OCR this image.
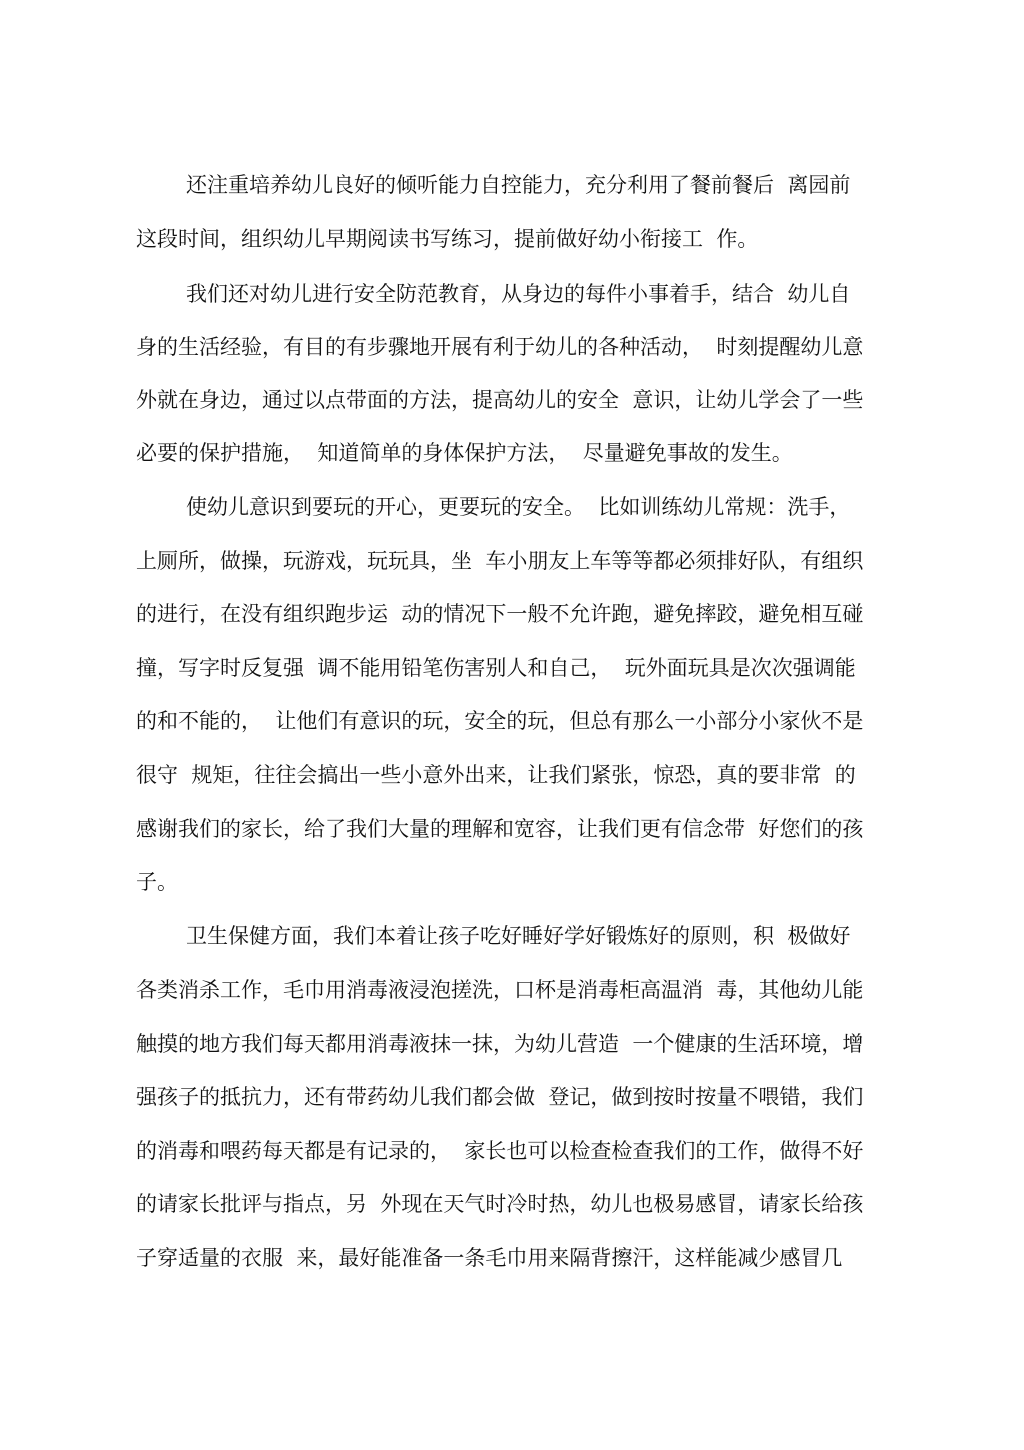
还注重培养幼儿良好的倾听能力自控能力，充分利用了餐前餐后  离园前
这段时间，组织幼儿早期阅读书写练习，提前做好幼小衔接工  作。
我们还对幼儿进行安全防范教育，从身边的每件小事着手，结合  幼儿自
身的生活经验，有目的有步骤地开展有利于幼儿的各种活动，  时刻提醒幼儿意
外就在身边，通过以点带面的方法，提高幼儿的安全  意识，让幼儿学会了一些
必要的保护措施，  知道简单的身体保护方法，  尽量避免事故的发生。
使幼儿意识到要玩的开心，更要玩的安全。  比如训练幼儿常规：洗手，
上厕所，做操，玩游戏，玩玩具，坐  车小朋友上车等等都必须排好队，有组织
的进行，在没有组织跑步运  动的情况下一般不允许跑，避免摔跤，避免相互碰
撞，写字时反复强  调不能用铅笔伤害别人和自己，  玩外面玩具是次次强调能
的和不能的，  让他们有意识的玩，安全的玩，但总有那么一小部分小家伙不是
很守  规矩，往往会搞出一些小意外出来，让我们紧张，惊恐，真的要非常  的
感谢我们的家长，给了我们大量的理解和宽容，让我们更有信念带  好您们的孩
子。
卫生保健方面，我们本着让孩子吃好睡好学好锻炼好的原则，积  极做好
各类消杀工作，毛巾用消毒液浸泡搓洗，口杯是消毒柜高温消  毒，其他幼儿能
触摸的地方我们每天都用消毒液抹一抹，为幼儿营造  一个健康的生活环境，增
强孩子的抵抗力，还有带药幼儿我们都会做  登记，做到按时按量不喂错，我们
的消毒和喂药每天都是有记录的，  家长也可以检查检查我们的工作，做得不好
的请家长批评与指点，另  外现在天气时冷时热，幼儿也极易感冒，请家长给孩
子穿适量的衣服  来，最好能准备一条毛巾用来隔背擦汗，这样能减少感冒几
